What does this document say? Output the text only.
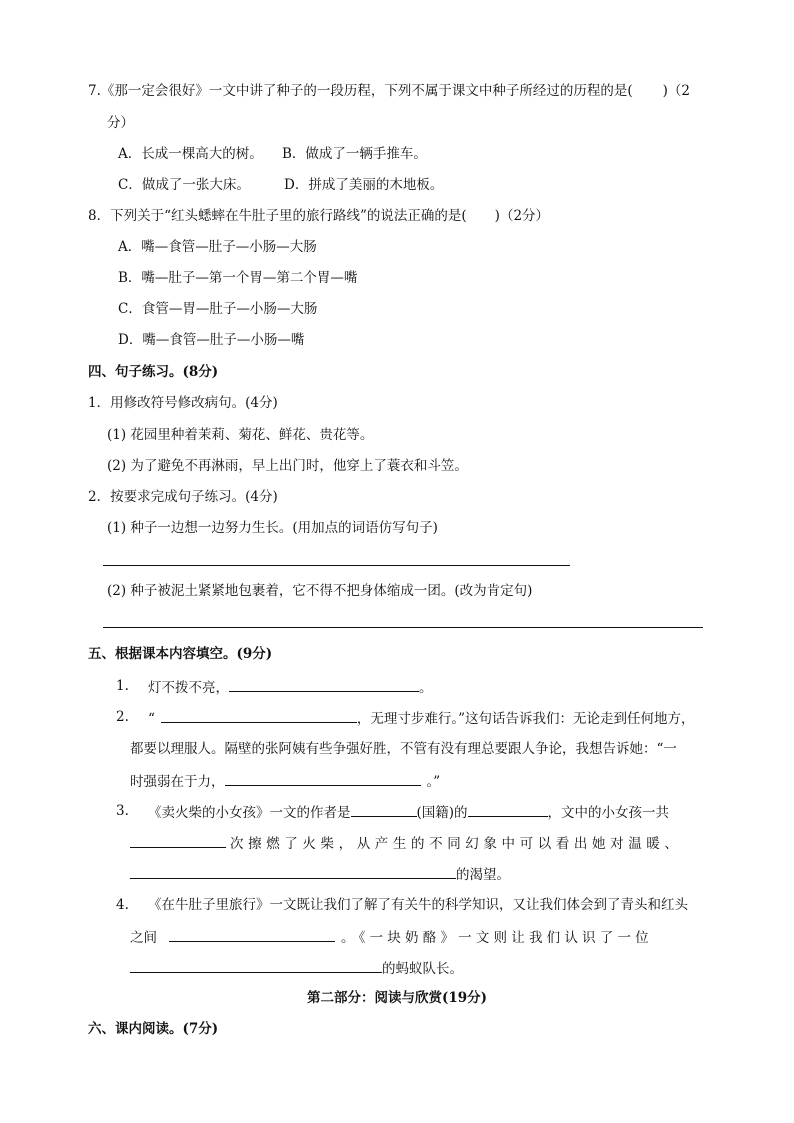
7.《那一定会很好》一文中讲了种子的一段历程，下列不属于课文中种子所经过的历程的是( )（2
分）
A．长成一棵高大的树。 B．做成了一辆手推车。
C．做成了一张大床。	D．拼成了美丽的木地板。
8．下列关于“红头蟋蟀在牛肚子里的旅行路线”的说法正确的是( )（2分）
A．嘴—食管—肚子—小肠—大肠
B．嘴—肚子—第一个胃—第二个胃—嘴
C．食管—胃—肚子—小肠—大肠
D．嘴—食管—肚子—小肠—嘴
四、句子练习。(8分)
1．用修改符号修改病句。(4分)
(1) 花园里种着茉莉、菊花、鲜花、贵花等。
(2) 为了避免不再淋雨，早上出门时，他穿上了蓑衣和斗笠。
2．按要求完成句子练习。(4分)
(1) 种子一边想一边努力生长。(用加点的词语仿写句子)
(2) 种子被泥土紧紧地包裹着，它不得不把身体缩成一团。(改为肯定句)
五、根据课本内容填空。(9分)
1. 灯不拨不亮，	。
2. “	，无理寸步难行。”这句话告诉我们：无论走到任何地方，
都要以理服人。隔壁的张阿姨有些争强好胜，不管有没有理总要跟人争论，我想告诉她：“一
时强弱在于力，	。”
3. 《卖火柴的小女孩》一文的作者是	(国籍)的	，文中的小女孩一共
次擦燃了火柴，从产生的不同幻象中可以看出她对温暖、
的渴望。
4. 《在牛肚子里旅行》一文既让我们了解了有关牛的科学知识，又让我们体会到了青头和红头
之间	。《一块奶酪》一文则让我们认识了一位
的蚂蚁队长。
第二部分：阅读与欣赏(19分)
六、课内阅读。(7分)
